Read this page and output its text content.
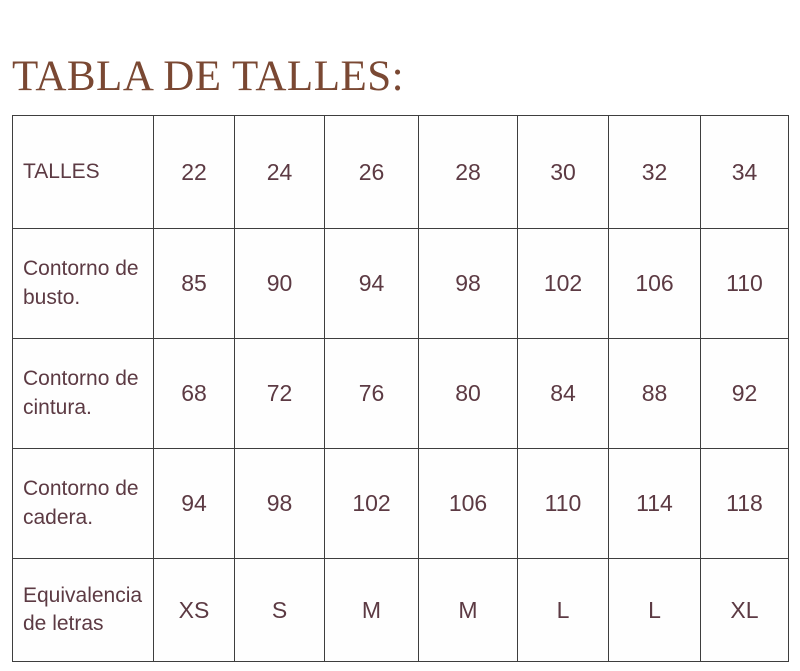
TABLA DE TALLES:
TALLES	22	24	26	28	30	32	34
Contorno de busto.	85	90	94	98	102	106	110
Contorno de cintura.	68	72	76	80	84	88	92
Contorno de cadera.	94	98	102	106	110	114	118
Equivalencia de letras	XS	S	M	M	L	L	XL
